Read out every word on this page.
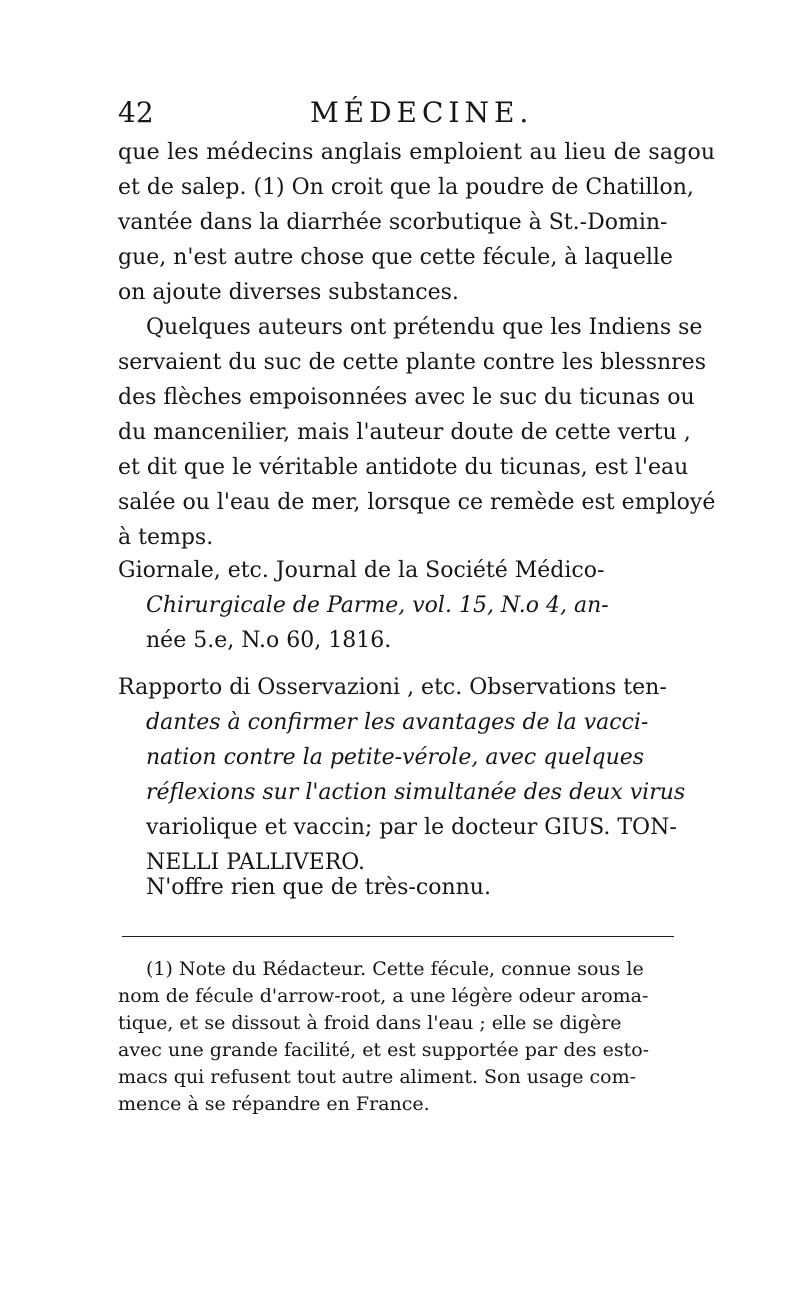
42	MÉDECINE.
que les médecins anglais emploient au lieu de sagou
et de salep. (1) On croit que la poudre de Chatillon,
vantée dans la diarrhée scorbutique à St.-Domin-
gue, n'est autre chose que cette fécule, à laquelle
on ajoute diverses substances.
Quelques auteurs ont prétendu que les Indiens se
servaient du suc de cette plante contre les blessnres
des flèches empoisonnées avec le suc du ticunas ou
du mancenilier, mais l'auteur doute de cette vertu ,
et dit que le véritable antidote du ticunas, est l'eau
salée ou l'eau de mer, lorsque ce remède est employé
à temps.
Giornale, etc. Journal de la Société Médico-
Chirurgicale de Parme, vol. 15, N.o 4, an-
née 5.e, N.o 60, 1816.
Rapporto di Osservazioni , etc. Observations ten-
dantes à confirmer les avantages de la vacci-
nation contre la petite-vérole, avec quelques
réflexions sur l'action simultanée des deux virus
variolique et vaccin; par le docteur GIUS. TON-
NELLI PALLIVERO.
N'offre rien que de très-connu.
(1) Note du Rédacteur. Cette fécule, connue sous le
nom de fécule d'arrow-root, a une légère odeur aroma-
tique, et se dissout à froid dans l'eau ; elle se digère
avec une grande facilité, et est supportée par des esto-
macs qui refusent tout autre aliment. Son usage com-
mence à se répandre en France.
